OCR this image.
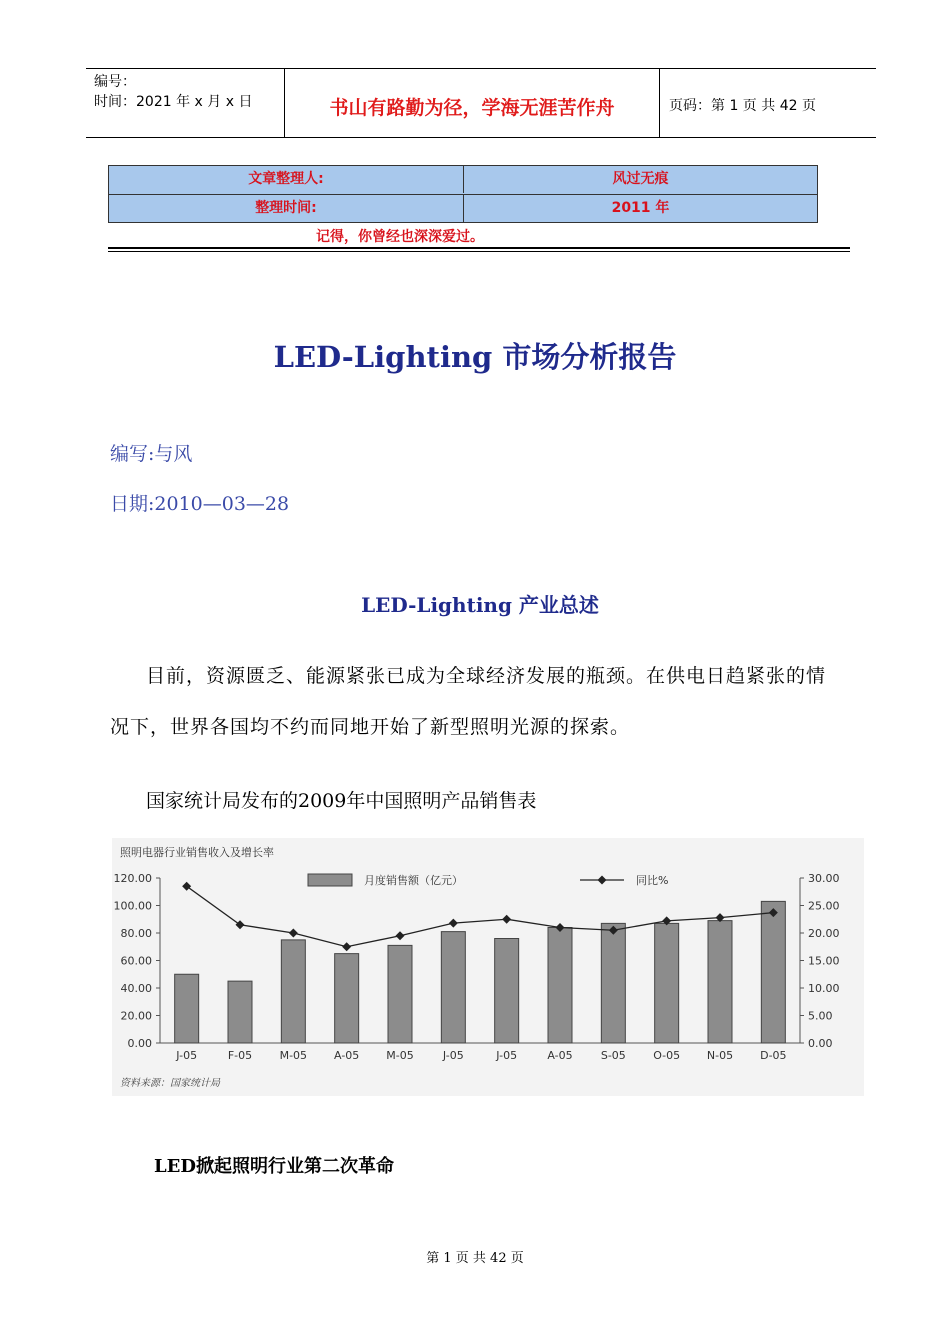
编号：
时间：2021 年 x 月 x 日	书山有路勤为径，学海无涯苦作舟	页码：第 1 页 共 42 页
文章整理人:	风过无痕
整理时间:	2011 年
记得，你曾经也深深爱过。
LED-Lighting 市场分析报告
编写:与风
日期:2010—03—28
LED-Lighting 产业总述
目前，资源匮乏、能源紧张已成为全球经济发展的瓶颈。在供电日趋紧张的情况下，世界各国均不约而同地开始了新型照明光源的探索。
国家统计局发布的2009年中国照明产品销售表
照明电器行业销售收入及增长率
120.00
100.00
80.00
60.00
40.00
20.00
0.00
30.00
25.00
20.00
15.00
10.00
5.00
0.00
J-05	F-05 M-05 A-05 M-05	J-05	J-05	A-05	S-05 O-05 N-05 D-05
月度销售额（亿元）	同比%
资料来源：国家统计局
LED掀起照明行业第二次革命
第 1 页 共 42 页
